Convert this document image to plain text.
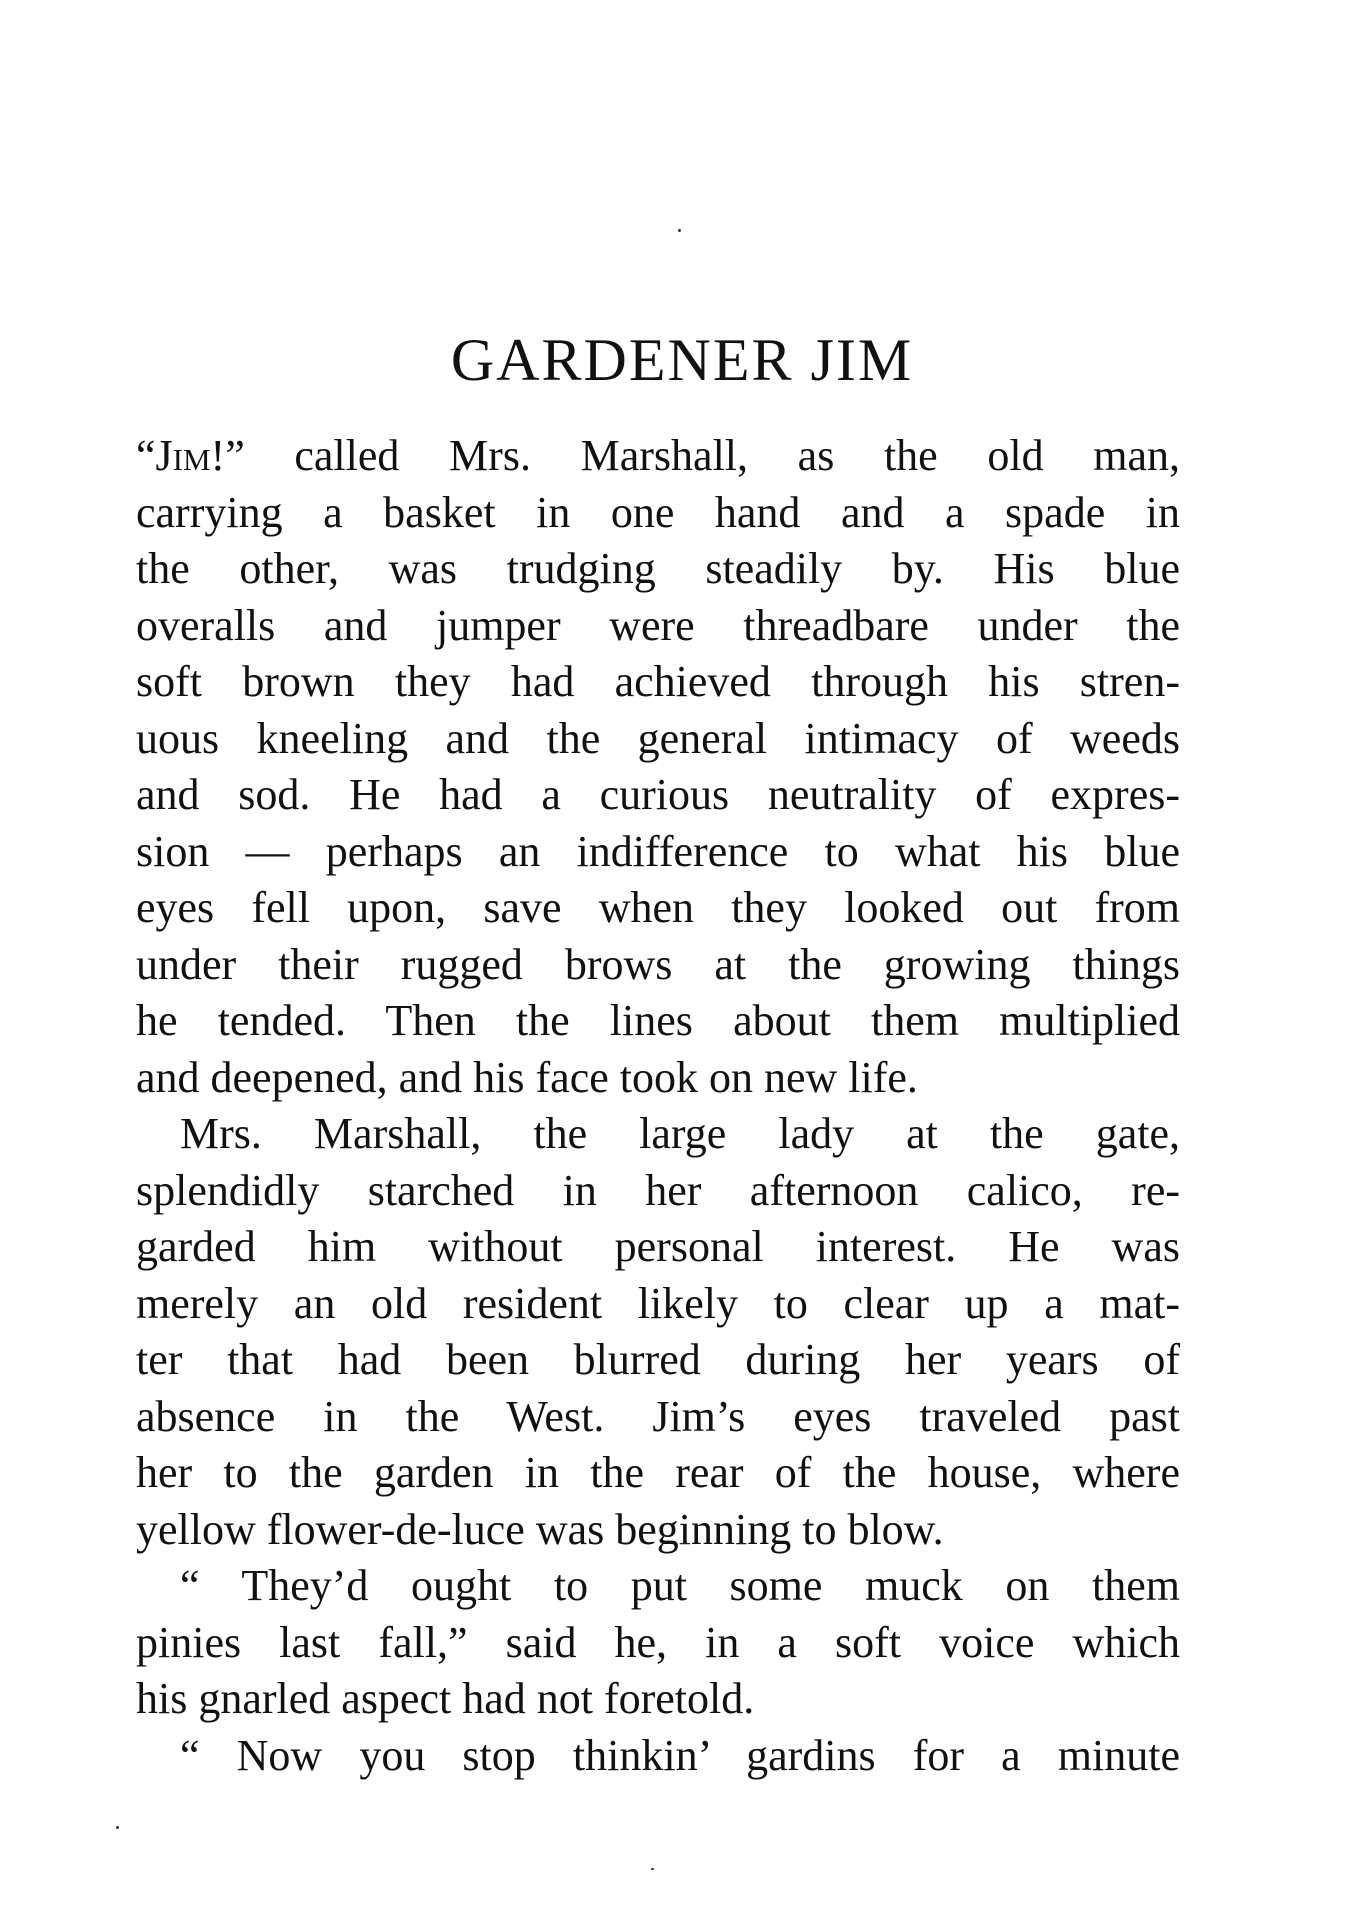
GARDENER JIM
“Jim!” called Mrs. Marshall, as the old man,
carrying a basket in one hand and a spade in
the other, was trudging steadily by. His blue
overalls and jumper were threadbare under the
soft brown they had achieved through his stren-
uous kneeling and the general intimacy of weeds
and sod. He had a curious neutrality of expres-
sion — perhaps an indifference to what his blue
eyes fell upon, save when they looked out from
under their rugged brows at the growing things
he tended. Then the lines about them multiplied
and deepened, and his face took on new life.
Mrs. Marshall, the large lady at the gate,
splendidly starched in her afternoon calico, re-
garded him without personal interest. He was
merely an old resident likely to clear up a mat-
ter that had been blurred during her years of
absence in the West. Jim’s eyes traveled past
her to the garden in the rear of the house, where
yellow flower-de-luce was beginning to blow.
“ They’d ought to put some muck on them
pinies last fall,” said he, in a soft voice which
his gnarled aspect had not foretold.
“ Now you stop thinkin’ gardins for a minute
